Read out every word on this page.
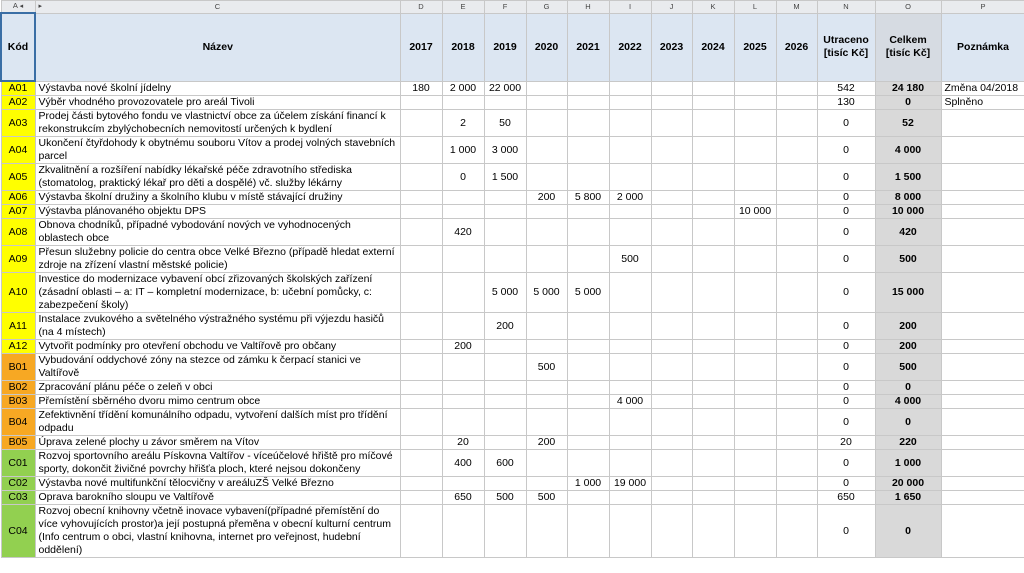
A ◂	▸ C	D	E	F	G	H	I	J	K	L	M	N	O	P
Kód	Název	2017	2018	2019	2020	2021	2022	2023	2024	2025	2026	Utraceno [tisíc Kč]	Celkem [tisíc Kč]	Poznámka
A01	Výstavba nové školní jídelny	180	2 000	22 000								542	24 180	Změna 04/2018
A02	Výběr vhodného provozovatele pro areál Tivoli											130	0	Splněno
A03	Prodej části bytového fondu ve vlastnictví obce za účelem získání financí k rekonstrukcím zbylýchobecních nemovitostí určených k bydlení		2	50								0	52	
A04	Ukončení čtyřdohody k obytnému souboru Vítov a prodej volných stavebních parcel		1 000	3 000								0	4 000	
A05	Zkvalitnění a rozšíření nabídky lékařské péče zdravotního střediska (stomatolog, praktický lékař pro děti a dospělé) vč. služby lékárny		0	1 500								0	1 500	
A06	Výstavba školní družiny a školního klubu v místě stávající družiny				200	5 800	2 000					0	8 000	
A07	Výstavba plánovaného objektu DPS									10 000		0	10 000	
A08	Obnova chodníků, případné vybodování nových ve vyhodnocených oblastech obce		420									0	420	
A09	Přesun služebny policie do centra obce Velké Březno (případě hledat externí zdroje na zřízení vlastní městské policie)						500					0	500	
A10	Investice do modernizace vybavení obcí zřizovaných školských zařízení (zásadní oblasti – a: IT – kompletní modernizace, b: učební pomůcky, c: zabezpečení školy)			5 000	5 000	5 000						0	15 000	
A11	Instalace zvukového a světelného výstražného systému při výjezdu hasičů (na 4 místech)			200								0	200	
A12	Vytvořit podmínky pro otevření obchodu ve Valtířově pro občany		200									0	200	
B01	Vybudování oddychové zóny na stezce od zámku k čerpací stanici ve Valtířově				500							0	500	
B02	Zpracování plánu péče o zeleň v obci											0	0	
B03	Přemístění sběrného dvoru mimo centrum obce						4 000					0	4 000	
B04	Zefektivnění třídění komunálního odpadu, vytvoření dalších míst pro třídění odpadu											0	0	
B05	Úprava zelené plochy u závor směrem na Vítov		20		200							20	220	
C01	Rozvoj sportovního areálu Pískovna Valtířov - víceúčelové hřiště pro míčové sporty, dokončit živičné povrchy hřišťa ploch, které nejsou dokončeny		400	600								0	1 000	
C02	Výstavba nové multifunkční tělocvičny v areáluZŠ Velké Březno					1 000	19 000					0	20 000	
C03	Oprava barokního sloupu ve Valtířově		650	500	500							650	1 650	
C04	Rozvoj obecní knihovny včetně inovace vybavení(případné přemístění do více vyhovujících prostor)a její postupná přeměna v obecní kulturní centrum (Info centrum o obci, vlastní knihovna, internet pro veřejnost, hudební oddělení)											0	0	
